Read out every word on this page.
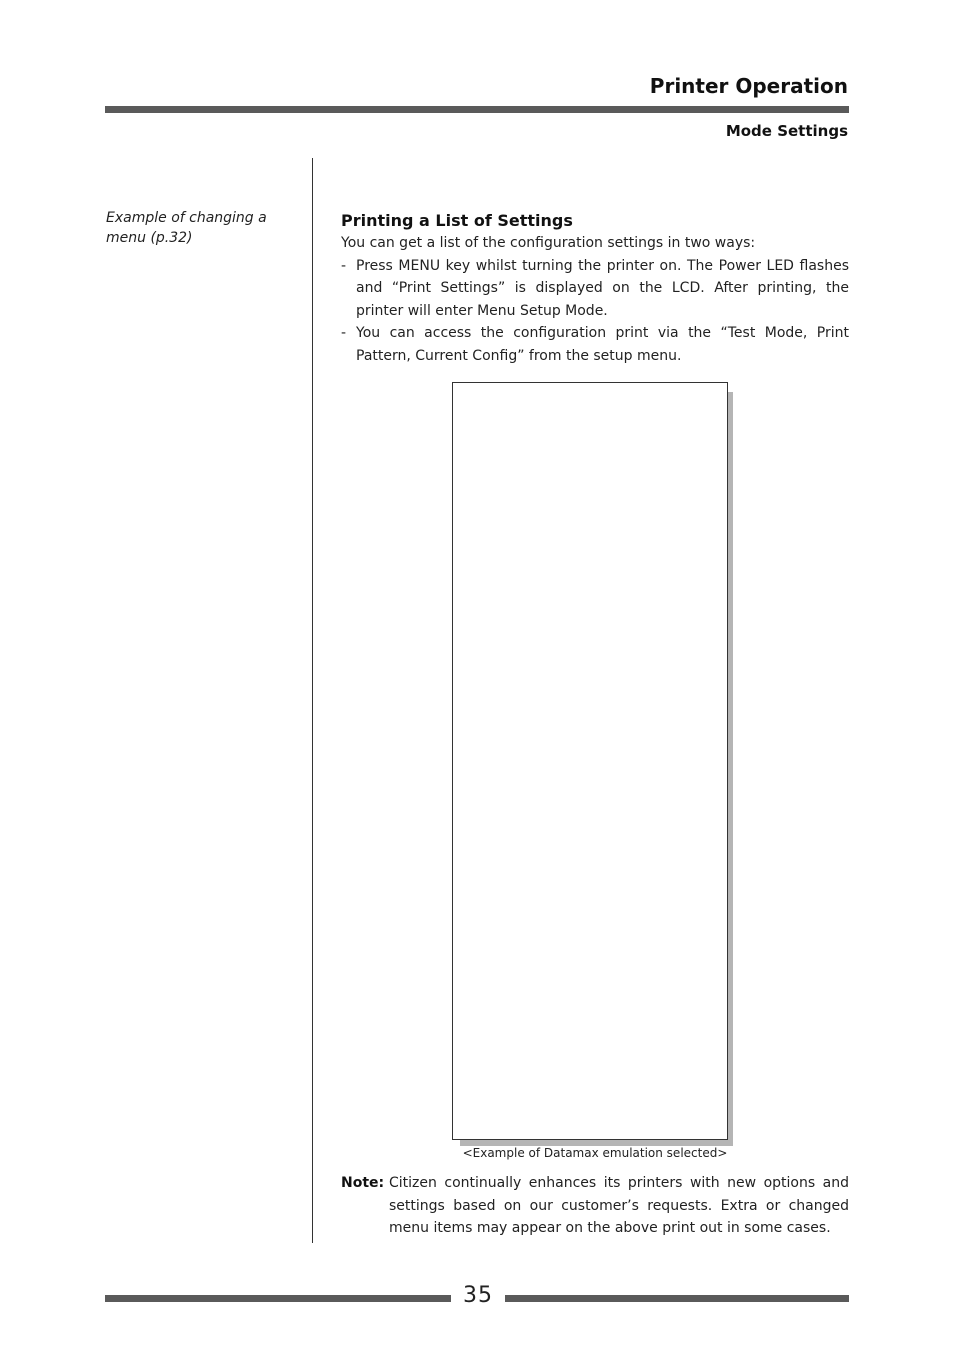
Printer Operation
Mode Settings
Example of changing a menu (p.32)
Printing a List of Settings

You can get a list of the configuration settings in two ways:

- Press MENU key whilst turning the printer on. The Power LED flashes and “Print Settings” is displayed on the LCD. After printing, the printer will enter Menu Setup Mode.
- You can access the configuration print via the “Test Mode, Print Pattern, Current Config” from the setup menu.
<Example of Datamax emulation selected>
Note: Citizen continually enhances its printers with new options and settings based on our customer’s requests. Extra or changed menu items may appear on the above print out in some cases.
35
